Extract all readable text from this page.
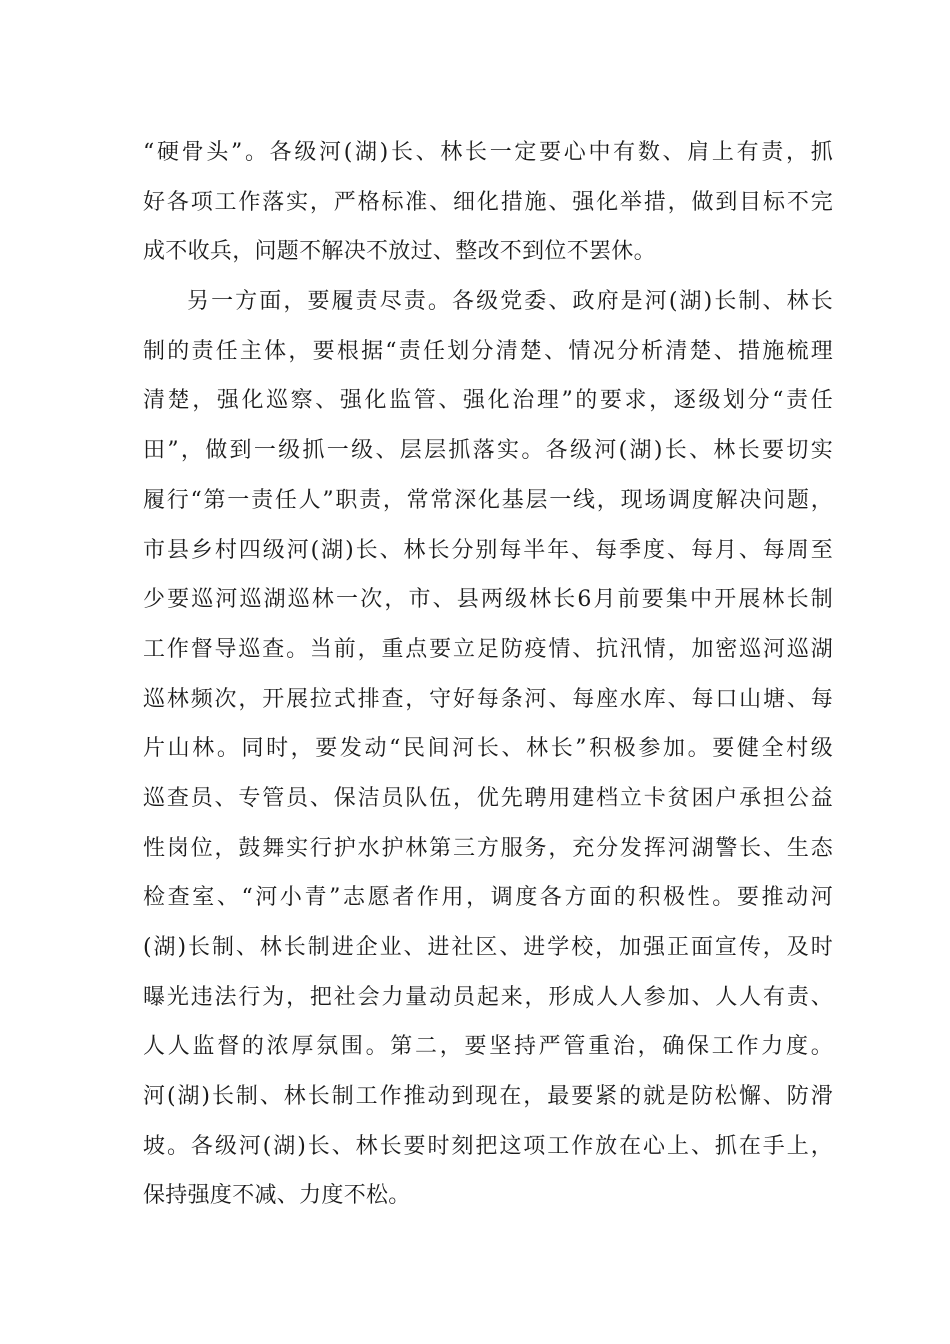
“硬骨头”。各级河(湖)长、林长一定要心中有数、肩上有责，抓
好各项工作落实，严格标准、细化措施、强化举措，做到目标不完
成不收兵，问题不解决不放过、整改不到位不罢休。
另一方面，要履责尽责。各级党委、政府是河(湖)长制、林长
制的责任主体，要根据“责任划分清楚、情况分析清楚、措施梳理
清楚，强化巡察、强化监管、强化治理”的要求，逐级划分“责任
田”，做到一级抓一级、层层抓落实。各级河(湖)长、林长要切实
履行“第一责任人”职责，常常深化基层一线，现场调度解决问题，
市县乡村四级河(湖)长、林长分别每半年、每季度、每月、每周至
少要巡河巡湖巡林一次，市、县两级林长6月前要集中开展林长制
工作督导巡查。当前，重点要立足防疫情、抗汛情，加密巡河巡湖
巡林频次，开展拉式排查，守好每条河、每座水库、每口山塘、每
片山林。同时，要发动“民间河长、林长”积极参加。要健全村级
巡查员、专管员、保洁员队伍，优先聘用建档立卡贫困户承担公益
性岗位，鼓舞实行护水护林第三方服务，充分发挥河湖警长、生态
检查室、“河小青”志愿者作用，调度各方面的积极性。要推动河
(湖)长制、林长制进企业、进社区、进学校，加强正面宣传，及时
曝光违法行为，把社会力量动员起来，形成人人参加、人人有责、
人人监督的浓厚氛围。第二，要坚持严管重治，确保工作力度。
河(湖)长制、林长制工作推动到现在，最要紧的就是防松懈、防滑
坡。各级河(湖)长、林长要时刻把这项工作放在心上、抓在手上，
保持强度不减、力度不松。
